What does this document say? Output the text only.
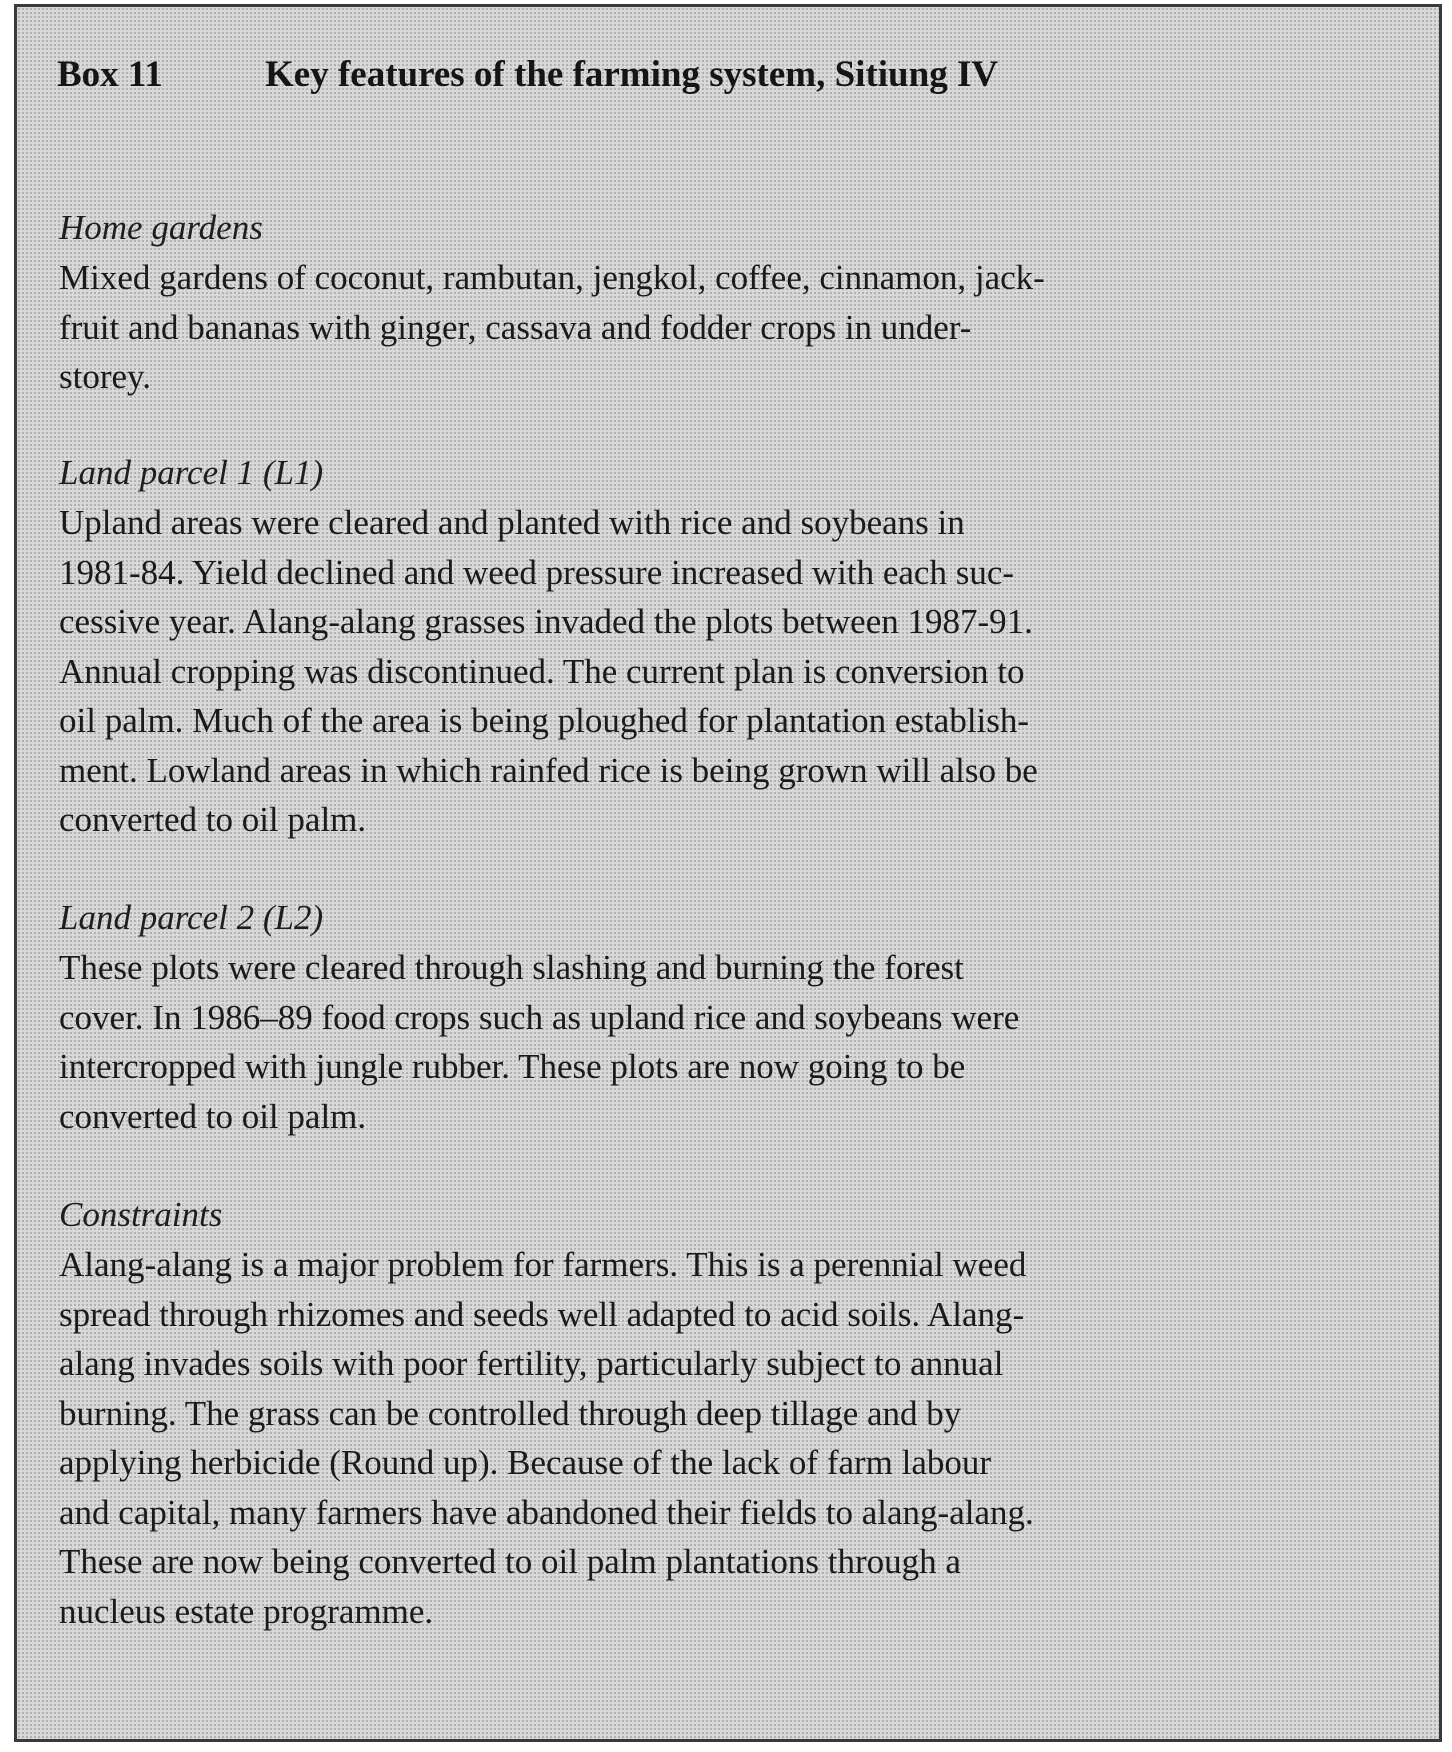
Box 11	Key features of the farming system, Sitiung IV
Home gardens
Mixed gardens of coconut, rambutan, jengkol, coffee, cinnamon, jack-
fruit and bananas with ginger, cassava and fodder crops in under-
storey.
Land parcel 1 (L1)
Upland areas were cleared and planted with rice and soybeans in
1981-84. Yield declined and weed pressure increased with each suc-
cessive year. Alang-alang grasses invaded the plots between 1987-91.
Annual cropping was discontinued. The current plan is conversion to
oil palm. Much of the area is being ploughed for plantation establish-
ment. Lowland areas in which rainfed rice is being grown will also be
converted to oil palm.
Land parcel 2 (L2)
These plots were cleared through slashing and burning the forest
cover. In 1986–89 food crops such as upland rice and soybeans were
intercropped with jungle rubber. These plots are now going to be
converted to oil palm.
Constraints
Alang-alang is a major problem for farmers. This is a perennial weed
spread through rhizomes and seeds well adapted to acid soils. Alang-
alang invades soils with poor fertility, particularly subject to annual
burning. The grass can be controlled through deep tillage and by
applying herbicide (Round up). Because of the lack of farm labour
and capital, many farmers have abandoned their fields to alang-alang.
These are now being converted to oil palm plantations through a
nucleus estate programme.
